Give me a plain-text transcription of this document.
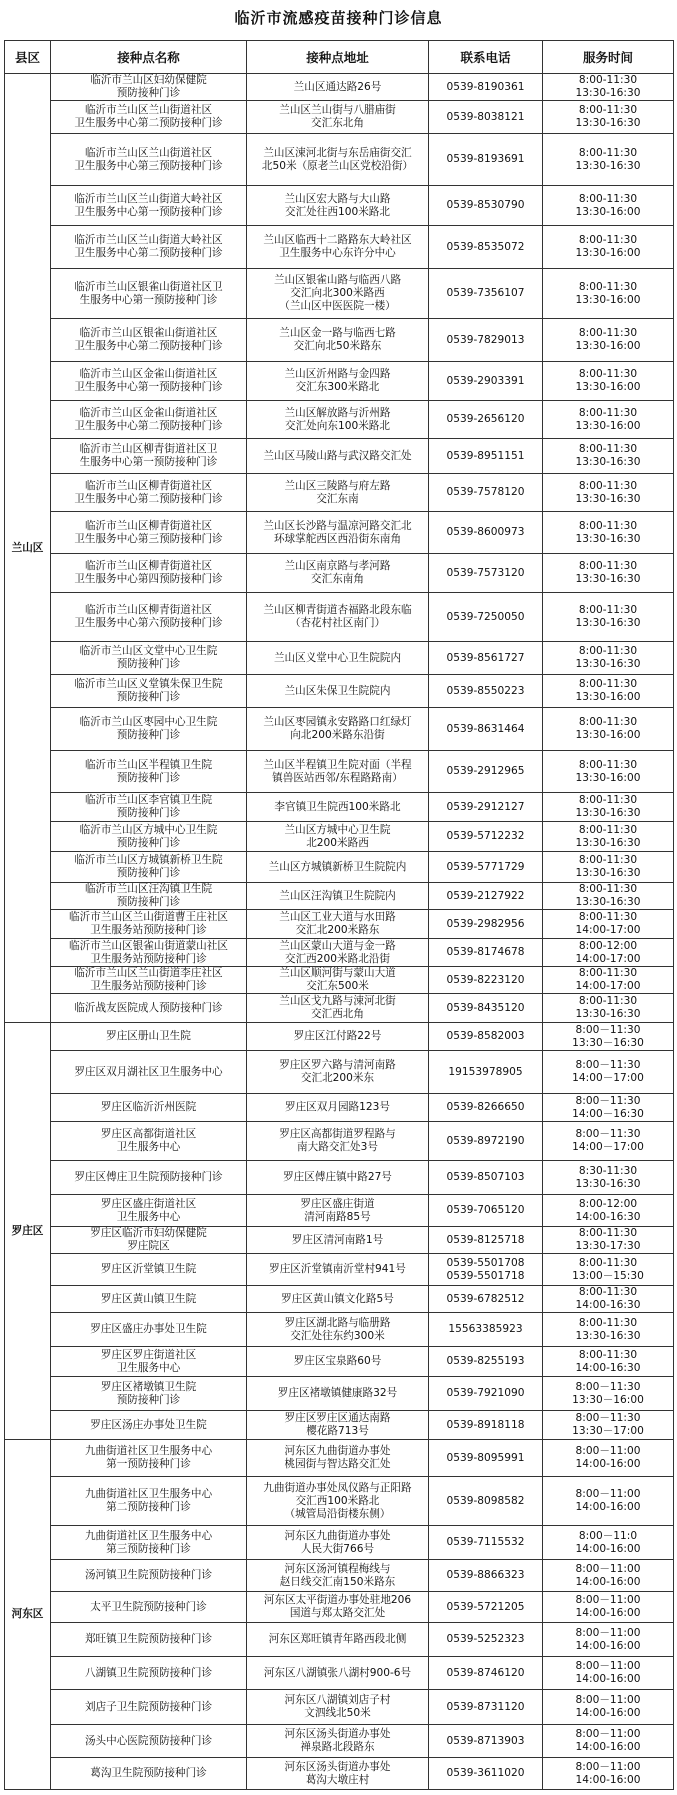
临沂市流感疫苗接种门诊信息
县区	接种点名称	接种点地址	联系电话	服务时间
兰山区	临沂市兰山区妇幼保健院
预防接种门诊	兰山区通达路26号	0539-8190361	8:00-11:30
13:30-16:30

	临沂市兰山区兰山街道社区
卫生服务中心第二预防接种门诊	兰山区兰山街与八腊庙街
交汇东北角	0539-8038121	8:00-11:30
13:30-16:30

	临沂市兰山区兰山街道社区
卫生服务中心第三预防接种门诊	兰山区涑河北街与东岳庙街交汇
北50米（原老兰山区党校沿街）	0539-8193691	8:00-11:30
13:30-16:30

	临沂市兰山区兰山街道大岭社区
卫生服务中心第一预防接种门诊	兰山区宏大路与大山路
交汇处往西100米路北	0539-8530790	8:00-11:30
13:30-16:00

	临沂市兰山区兰山街道大岭社区
卫生服务中心第二预防接种门诊	兰山区临西十二路路东大岭社区
卫生服务中心东许分中心	0539-8535072	8:00-11:30
13:30-16:00

	临沂市兰山区银雀山街道社区卫
生服务中心第一预防接种门诊	兰山区银雀山路与临西八路
交汇向北300米路西
（兰山区中医医院一楼）	0539-7356107	8:00-11:30
13:30-16:00

	临沂市兰山区银雀山街道社区
卫生服务中心第二预防接种门诊	兰山区金一路与临西七路
交汇向北50米路东	0539-7829013	8:00-11:30
13:30-16:00

	临沂市兰山区金雀山街道社区
卫生服务中心第一预防接种门诊	兰山区沂州路与金四路
交汇东300米路北	0539-2903391	8:00-11:30
13:30-16:00

	临沂市兰山区金雀山街道社区
卫生服务中心第二预防接种门诊	兰山区解放路与沂州路
交汇处向东100米路北	0539-2656120	8:00-11:30
13:30-16:00

	临沂市兰山区柳青街道社区卫
生服务中心第一预防接种门诊	兰山区马陵山路与武汉路交汇处	0539-8951151	8:00-11:30
13:30-16:30

	临沂市兰山区柳青街道社区
卫生服务中心第二预防接种门诊	兰山区三陵路与府左路
交汇东南	0539-7578120	8:00-11:30
13:30-16:30

	临沂市兰山区柳青街道社区
卫生服务中心第三预防接种门诊	兰山区长沙路与温凉河路交汇北
环球掌舵西区西沿街东南角	0539-8600973	8:00-11:30
13:30-16:30

	临沂市兰山区柳青街道社区
卫生服务中心第四预防接种门诊	兰山区南京路与孝河路
交汇东南角	0539-7573120	8:00-11:30
13:30-16:30

	临沂市兰山区柳青街道社区
卫生服务中心第六预防接种门诊	兰山区柳青街道杏福路北段东临
（杏花村社区南门）	0539-7250050	8:00-11:30
13:30-16:30

	临沂市兰山区文堂中心卫生院
预防接种门诊	兰山区义堂中心卫生院院内	0539-8561727	8:00-11:30
13:30-16:30

	临沂市兰山区义堂镇朱保卫生院
预防接种门诊	兰山区朱保卫生院院内	0539-8550223	8:00-11:30
13:30-16:00

	临沂市兰山区枣园中心卫生院
预防接种门诊	兰山区枣园镇永安路路口红绿灯
向北200米路东沿街	0539-8631464	8:00-11:30
13:30-16:00

	临沂市兰山区半程镇卫生院
预防接种门诊	兰山区半程镇卫生院对面（半程
镇兽医站西邻/东程路路南）	0539-2912965	8:00-11:30
13:30-16:00

	临沂市兰山区李官镇卫生院
预防接种门诊	李官镇卫生院西100米路北	0539-2912127	8:00-11:30
13:30-16:30

	临沂市兰山区方城中心卫生院
预防接种门诊	兰山区方城中心卫生院
北200米路西	0539-5712232	8:00-11:30
13:30-16:30

	临沂市兰山区方城镇新桥卫生院
预防接种门诊	兰山区方城镇新桥卫生院院内	0539-5771729	8:00-11:30
13:30-16:30

	临沂市兰山区汪沟镇卫生院
预防接种门诊	兰山区汪沟镇卫生院院内	0539-2127922	8:00-11:30
13:30-16:30

	临沂市兰山区兰山街道曹王庄社区
卫生服务站预防接种门诊	兰山区工业大道与水田路
交汇北200米路东	0539-2982956	8:00-11:30
14:00-17:00

	临沂市兰山区银雀山街道蒙山社区
卫生服务站预防接种门诊	兰山区蒙山大道与金一路
交汇西200米路北沿街	0539-8174678	8:00-12:00
14:00-17:00

	临沂市兰山区兰山街道李庄社区
卫生服务站预防接种门诊	兰山区顺河街与蒙山大道
交汇东500米	0539-8223120	8:00-11:30
14:00-17:00

	临沂战友医院成人预防接种门诊	兰山区戈九路与涑河北街
交汇西北角	0539-8435120	8:00-11:30
13:30-16:30

罗庄区	罗庄区册山卫生院	罗庄区江付路22号	0539-8582003	8:00－11:30
13:30－16:30

	罗庄区双月湖社区卫生服务中心	罗庄区罗六路与清河南路
交汇北200米东	19153978905	8:00－11:30
14:00－17:00

	罗庄区临沂沂州医院	罗庄区双月园路123号	0539-8266650	8:00－11:30
14:00－16:30

	罗庄区高都街道社区
卫生服务中心	罗庄区高都街道罗程路与
南大路交汇处3号	0539-8972190	8:00－11:30
14:00－17:00

	罗庄区傅庄卫生院预防接种门诊	罗庄区傅庄镇中路27号	0539-8507103	8:30-11:30
13:30-16:30

	罗庄区盛庄街道社区
卫生服务中心	罗庄区盛庄街道
清河南路85号	0539-7065120	8:00-12:00
14:00-16:30

	罗庄区临沂市妇幼保健院
罗庄院区	罗庄区清河南路1号	0539-8125718	8:00-11:30
13:30-17:30

	罗庄区沂堂镇卫生院	罗庄区沂堂镇南沂堂村941号	0539-5501708
0539-5501718	8:00-11:30
13:00－15:30

	罗庄区黄山镇卫生院	罗庄区黄山镇文化路5号	0539-6782512	8:00-11:30
14:00-16:30

	罗庄区盛庄办事处卫生院	罗庄区湖北路与临册路
交汇处往东约300米	15563385923	8:00-11:30
13:30-16:30

	罗庄区罗庄街道社区
卫生服务中心	罗庄区宝泉路60号	0539-8255193	8:00-11:30
14:00-16:30

	罗庄区褚墩镇卫生院
预防接种门诊	罗庄区褚墩镇健康路32号	0539-7921090	8:00－11:30
13:30－16:00

	罗庄区汤庄办事处卫生院	罗庄区罗庄区通达南路
樱花路713号	0539-8918118	8:00－11:30
13:30－17:00

河东区	九曲街道社区卫生服务中心
第一预防接种门诊	河东区九曲街道办事处
桃园街与智达路交汇处	0539-8095991	8:00－11:00
14:00-16:00

	九曲街道社区卫生服务中心
第二预防接种门诊	九曲街道办事处凤仪路与正阳路
交汇西100米路北
（城管局沿街楼东侧）	0539-8098582	8:00－11:00
14:00-16:00

	九曲街道社区卫生服务中心
第三预防接种门诊	河东区九曲街道办事处
人民大街766号	0539-7115532	8:00－11:0
14:00-16:00

	汤河镇卫生院预防接种门诊	河东区汤河镇程梅线与
赵日线交汇南150米路东	0539-8866323	8:00－11:00
14:00-16:00

	太平卫生院预防接种门诊	河东区太平街道办事处驻地206
国道与郑太路交汇处	0539-5721205	8:00－11:00
14:00-16:00

	郑旺镇卫生院预防接种门诊	河东区郑旺镇青年路西段北侧	0539-5252323	8:00－11:00
14:00-16:00

	八湖镇卫生院预防接种门诊	河东区八湖镇张八湖村900-6号	0539-8746120	8:00－11:00
14:00-16:00

	刘店子卫生院预防接种门诊	河东区八湖镇刘店子村
文泗线北50米	0539-8731120	8:00－11:00
14:00-16:00

	汤头中心医院预防接种门诊	河东区汤头街道办事处
禅泉路北段路东	0539-8713903	8:00－11:00
14:00-16:00

	葛沟卫生院预防接种门诊	河东区汤头街道办事处
葛沟大墩庄村	0539-3611020	8:00－11:00
14:00-16:00
